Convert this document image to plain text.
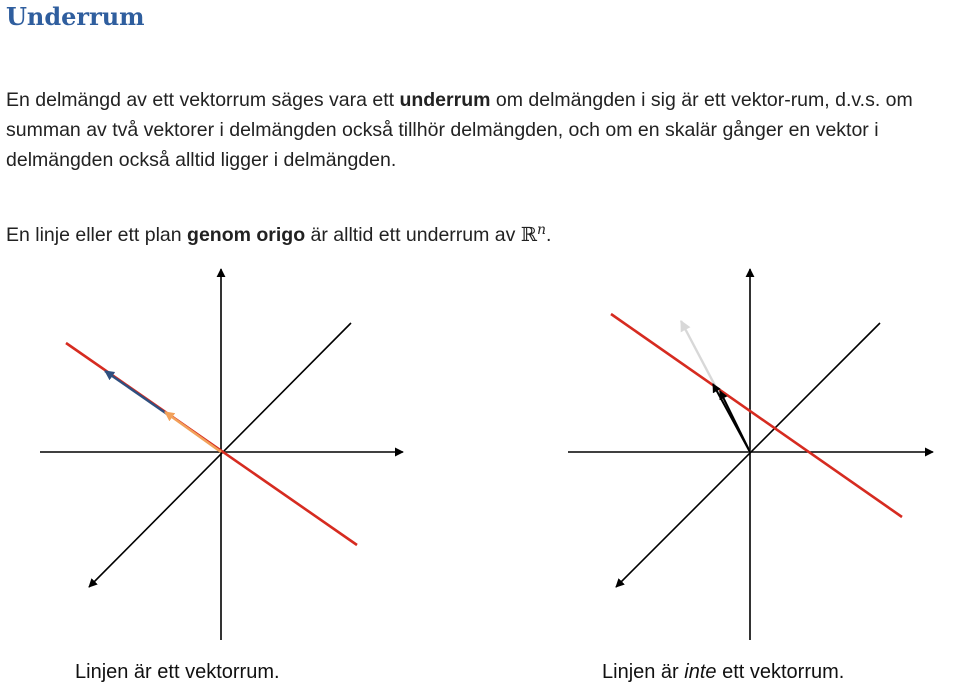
Underrum

En delmängd av ett vektorrum säges vara ett underrum om delmängden i sig är ett vektor-rum, d.v.s. om summan av två vektorer i delmängden också tillhör delmängden, och om en skalär gånger en vektor i delmängden också alltid ligger i delmängden.

En linje eller ett plan genom origo är alltid ett underrum av ℝ$^n$.

Linjen är ett vektorrum.	Linjen är inte ett vektorrum.
